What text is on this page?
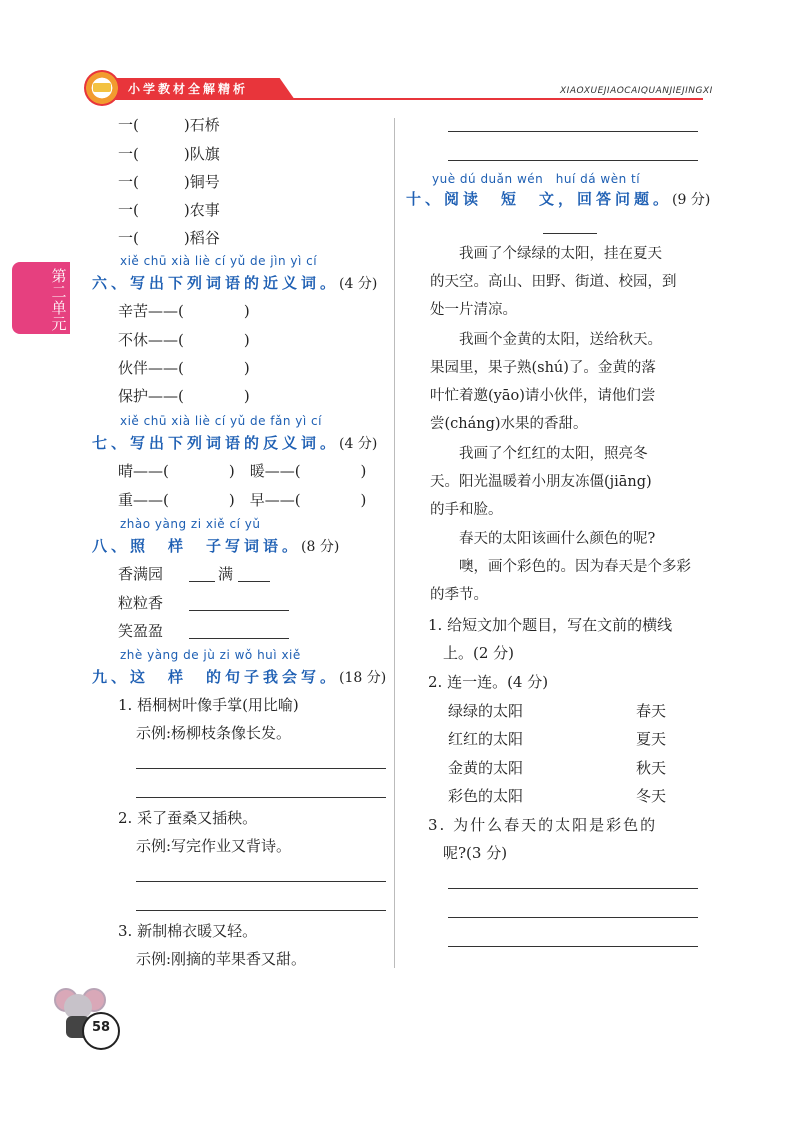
小学教材全解精析	XIAOXUEJIAOCAIQUANJIEJINGXI
第二单元
一(　　　)石桥
一(　　　)队旗
一(　　　)铜号
一(　　　)农事
一(　　　)稻谷
xiě chū xià liè cí yǔ de jìn yì cí
六、写出下列词语的近义词。(4 分)
辛苦——(　　　　)
不休——(　　　　)
伙伴——(　　　　)
保护——(　　　　)
xiě chū xià liè cí yǔ de fǎn yì cí
七、写出下列词语的反义词。(4 分)
晴——(　　　　)　暖——(　　　　)
重——(　　　　)　早——(　　　　)
zhào yàng zi xiě cí yǔ
八、照　样　子写词语。(8 分)
香满园	满
粒粒香
笑盈盈
zhè yàng de jù zi wǒ huì xiě
九、这　样　的句子我会写。(18 分)
1. 梧桐树叶像手掌(用比喻)
示例:杨柳枝条像长发。
2. 采了蚕桑又插秧。
示例:写完作业又背诗。
3. 新制棉衣暖又轻。
示例:刚摘的苹果香又甜。
yuè dú duǎn wén　huí dá wèn tí
十、阅读　短　文，回答问题。(9 分)
　　我画了个绿绿的太阳，挂在夏天
的天空。高山、田野、街道、校园，到
处一片清凉。
　　我画个金黄的太阳，送给秋天。
果园里，果子熟(shú)了。金黄的落
叶忙着邀(yāo)请小伙伴，请他们尝
尝(cháng)水果的香甜。
　　我画了个红红的太阳，照亮冬
天。阳光温暖着小朋友冻僵(jiāng)
的手和脸。
　　春天的太阳该画什么颜色的呢?
　　噢，画个彩色的。因为春天是个多彩
的季节。
1. 给短文加个题目，写在文前的横线
　上。(2 分)
2. 连一连。(4 分)
绿绿的太阳
红红的太阳
金黄的太阳
彩色的太阳
春天
夏天
秋天
冬天
3. 为什么春天的太阳是彩色的
　呢?(3 分)
58
